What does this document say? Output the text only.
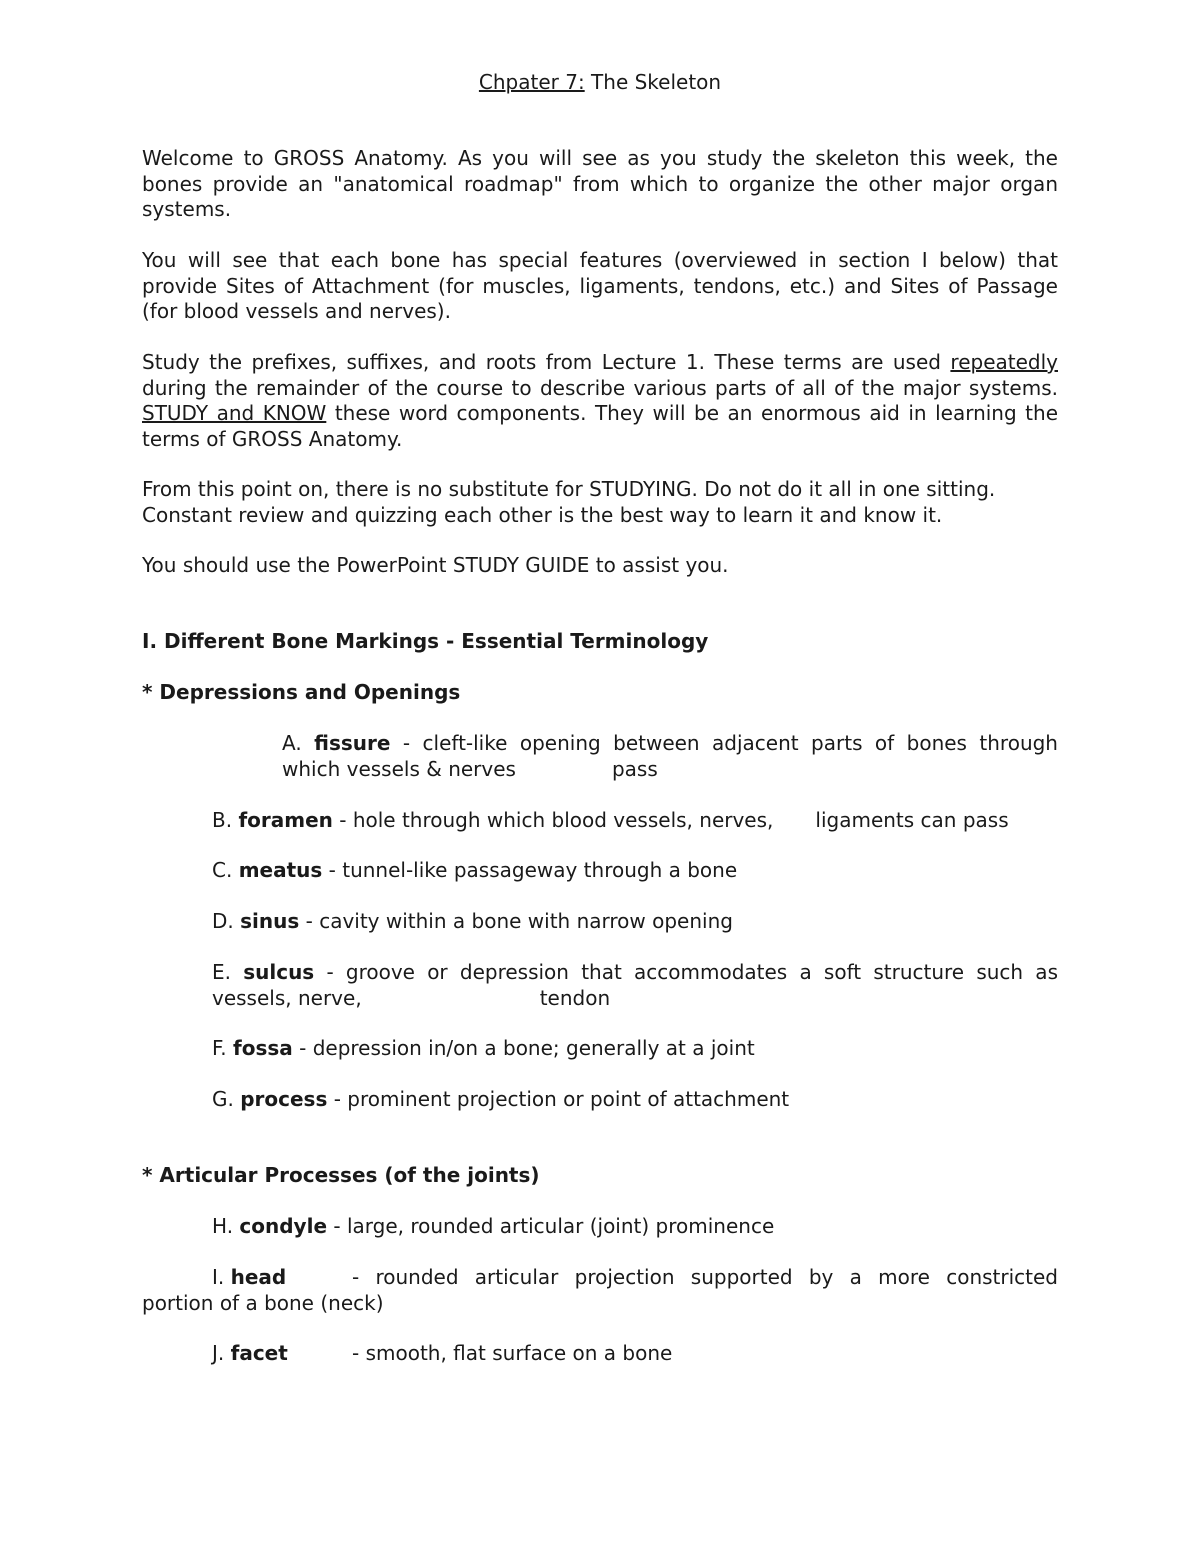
Chpater 7: The Skeleton

Welcome to GROSS Anatomy. As you will see as you study the skeleton this week, the bones provide an "anatomical roadmap" from which to organize the other major organ systems.

You will see that each bone has special features (overviewed in section I below) that provide Sites of Attachment (for muscles, ligaments, tendons, etc.) and Sites of Passage (for blood vessels and nerves).

Study the prefixes, suffixes, and roots from Lecture 1. These terms are used repeatedly during the remainder of the course to describe various parts of all of the major systems. STUDY and KNOW these word components. They will be an enormous aid in learning the terms of GROSS Anatomy.

From this point on, there is no substitute for STUDYING. Do not do it all in one sitting. Constant review and quizzing each other is the best way to learn it and know it.

You should use the PowerPoint STUDY GUIDE to assist you.

I. Different Bone Markings - Essential Terminology
* Depressions and Openings
A. fissure - cleft-like opening between adjacent parts of bones through
which vessels & nerves	pass
B. foramen - hole through which blood vessels, nerves, ligaments can pass
C. meatus - tunnel-like passageway through a bone
D. sinus - cavity within a bone with narrow opening
E. sulcus - groove or depression that accommodates a soft structure such as
vessels, nerve,	tendon
F. fossa - depression in/on a bone; generally at a joint
G. process - prominent projection or point of attachment
* Articular Processes (of the joints)
H. condyle - large, rounded articular (joint) prominence
I. head	- rounded articular projection supported by a more constricted
portion of a bone (neck)
J. facet	- smooth, flat surface on a bone
